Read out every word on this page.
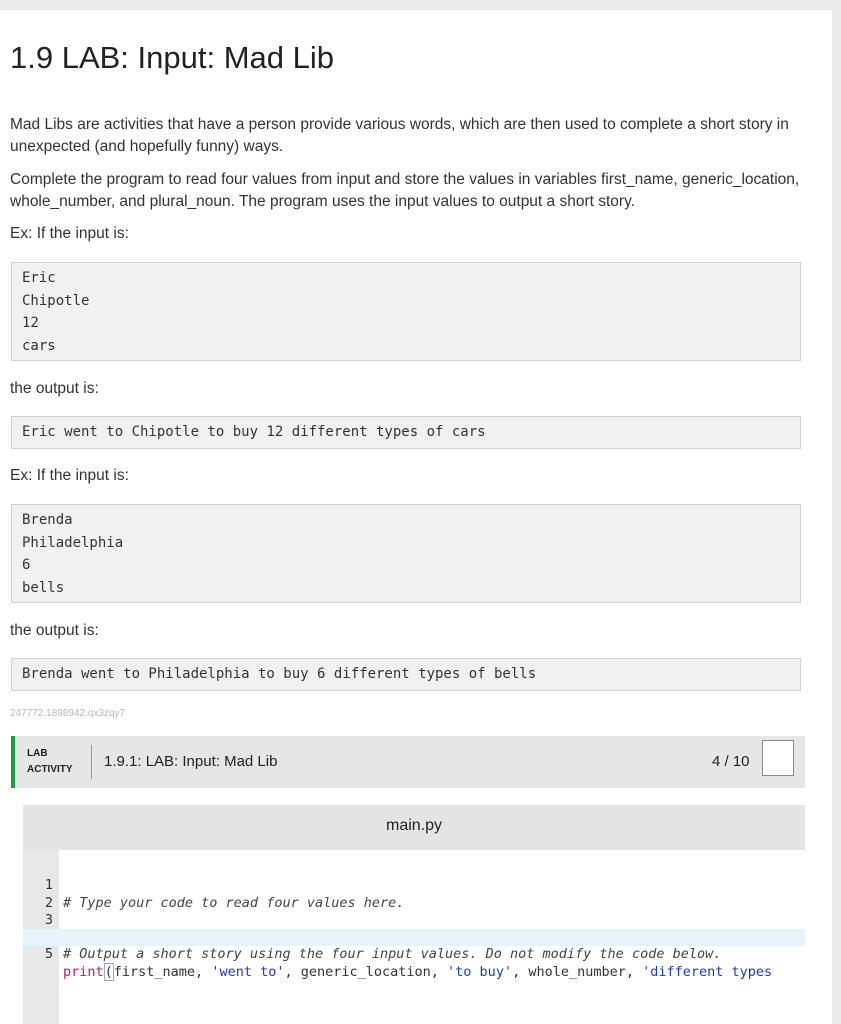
1.9 LAB: Input: Mad Lib

Mad Libs are activities that have a person provide various words, which are then used to complete a short story in unexpected (and hopefully funny) ways.

Complete the program to read four values from input and store the values in variables first_name, generic_location, whole_number, and plural_noun. The program uses the input values to output a short story.

Ex: If the input is:

Eric
Chipotle
12
cars

the output is:

Eric went to Chipotle to buy 12 different types of cars

Ex: If the input is:

Brenda
Philadelphia
6
bells

the output is:

Brenda went to Philadelphia to buy 6 different types of bells
247772.1898942.qx3zqy7
LAB
ACTIVITY	1.9.1: LAB: Input: Mad Lib	4 / 10
main.py

1

# Type your code to read four values here.

2

3

# Output a short story using the four input values. Do not modify the code below.

5

print(first_name, 'went to', generic_location, 'to buy', whole_number, 'different types
